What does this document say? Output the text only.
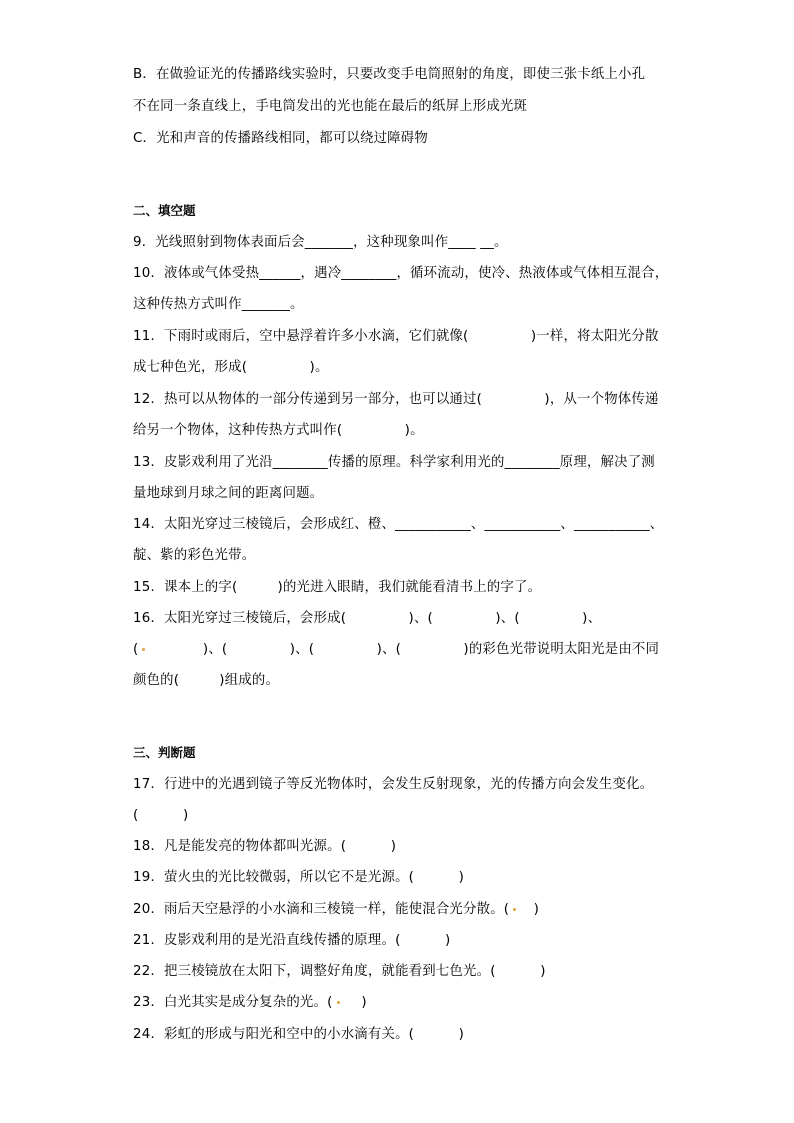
B．在做验证光的传播路线实验时，只要改变手电筒照射的角度，即使三张卡纸上小孔
不在同一条直线上，手电筒发出的光也能在最后的纸屏上形成光斑
C．光和声音的传播路线相同，都可以绕过障碍物
二、填空题
9．光线照射到物体表面后会_______，这种现象叫作____ __。
10．液体或气体受热______，遇冷________，循环流动，使冷、热液体或气体相互混合，
这种传热方式叫作_______。
11．下雨时或雨后，空中悬浮着许多小水滴，它们就像(              )一样，将太阳光分散
成七种色光，形成(              )。
12．热可以从物体的一部分传递到另一部分，也可以通过(              )，从一个物体传递
给另一个物体，这种传热方式叫作(              )。
13．皮影戏利用了光沿________传播的原理。科学家利用光的________原理，解决了测
量地球到月球之间的距离问题。
14．太阳光穿过三棱镜后，会形成红、橙、___________、___________、___________、
靛、紫的彩色光带。
15．课本上的字(         )的光进入眼睛，我们就能看清书上的字了。
16．太阳光穿过三棱镜后，会形成(              )、(              )、(              )、
(            )、(              )、(              )、(              )的彩色光带说明太阳光是由不同
颜色的(         )组成的。
三、判断题
17．行进中的光遇到镜子等反光物体时，会发生反射现象，光的传播方向会发生变化。
(          )
18．凡是能发亮的物体都叫光源。(          )
19．萤火虫的光比较微弱，所以它不是光源。(          )
20．雨后天空悬浮的小水滴和三棱镜一样，能使混合光分散。(   )
21．皮影戏利用的是光沿直线传播的原理。(          )
22．把三棱镜放在太阳下，调整好角度，就能看到七色光。(          )
23．白光其实是成分复杂的光。(    )
24．彩虹的形成与阳光和空中的小水滴有关。(          )
